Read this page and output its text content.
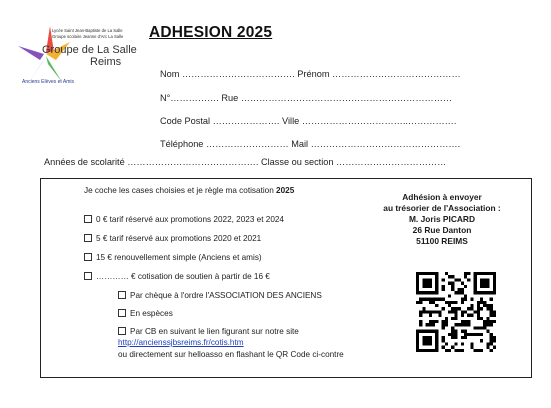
Lycée Saint Jean-Baptiste de La Salle
Groupe scolaire Jeanne d'Arc La Salle
Groupe de La Salle
Reims
Anciens Elèves et Amis
ADHESION 2025
Nom ………………………………. Prénom ……………………………………
N°……………. Rue ……………………………………………………………
Code Postal …………………. Ville ……………………………..…………….
Téléphone ……………………… Mail ………………………………………….
Années de scolarité ……………………………………. Classe ou section ………………………………
Je coche les cases choisies et je règle ma cotisation 2025
0 € tarif réservé aux promotions 2022, 2023 et 2024
5 € tarif réservé aux promotions 2020 et 2021
15 € renouvellement simple (Anciens et amis)
………… € cotisation de soutien à partir de 16 €
Par chèque à l'ordre l'ASSOCIATION DES ANCIENS
En espèces
Par CB en suivant le lien figurant sur notre site
http://ancienssjbsreims.fr/cotis.htm
ou directement sur helloasso en flashant le QR Code ci-contre
Adhésion à envoyer
au trésorier de l'Association :
M. Joris PICARD
26 Rue Danton
51100 REIMS
